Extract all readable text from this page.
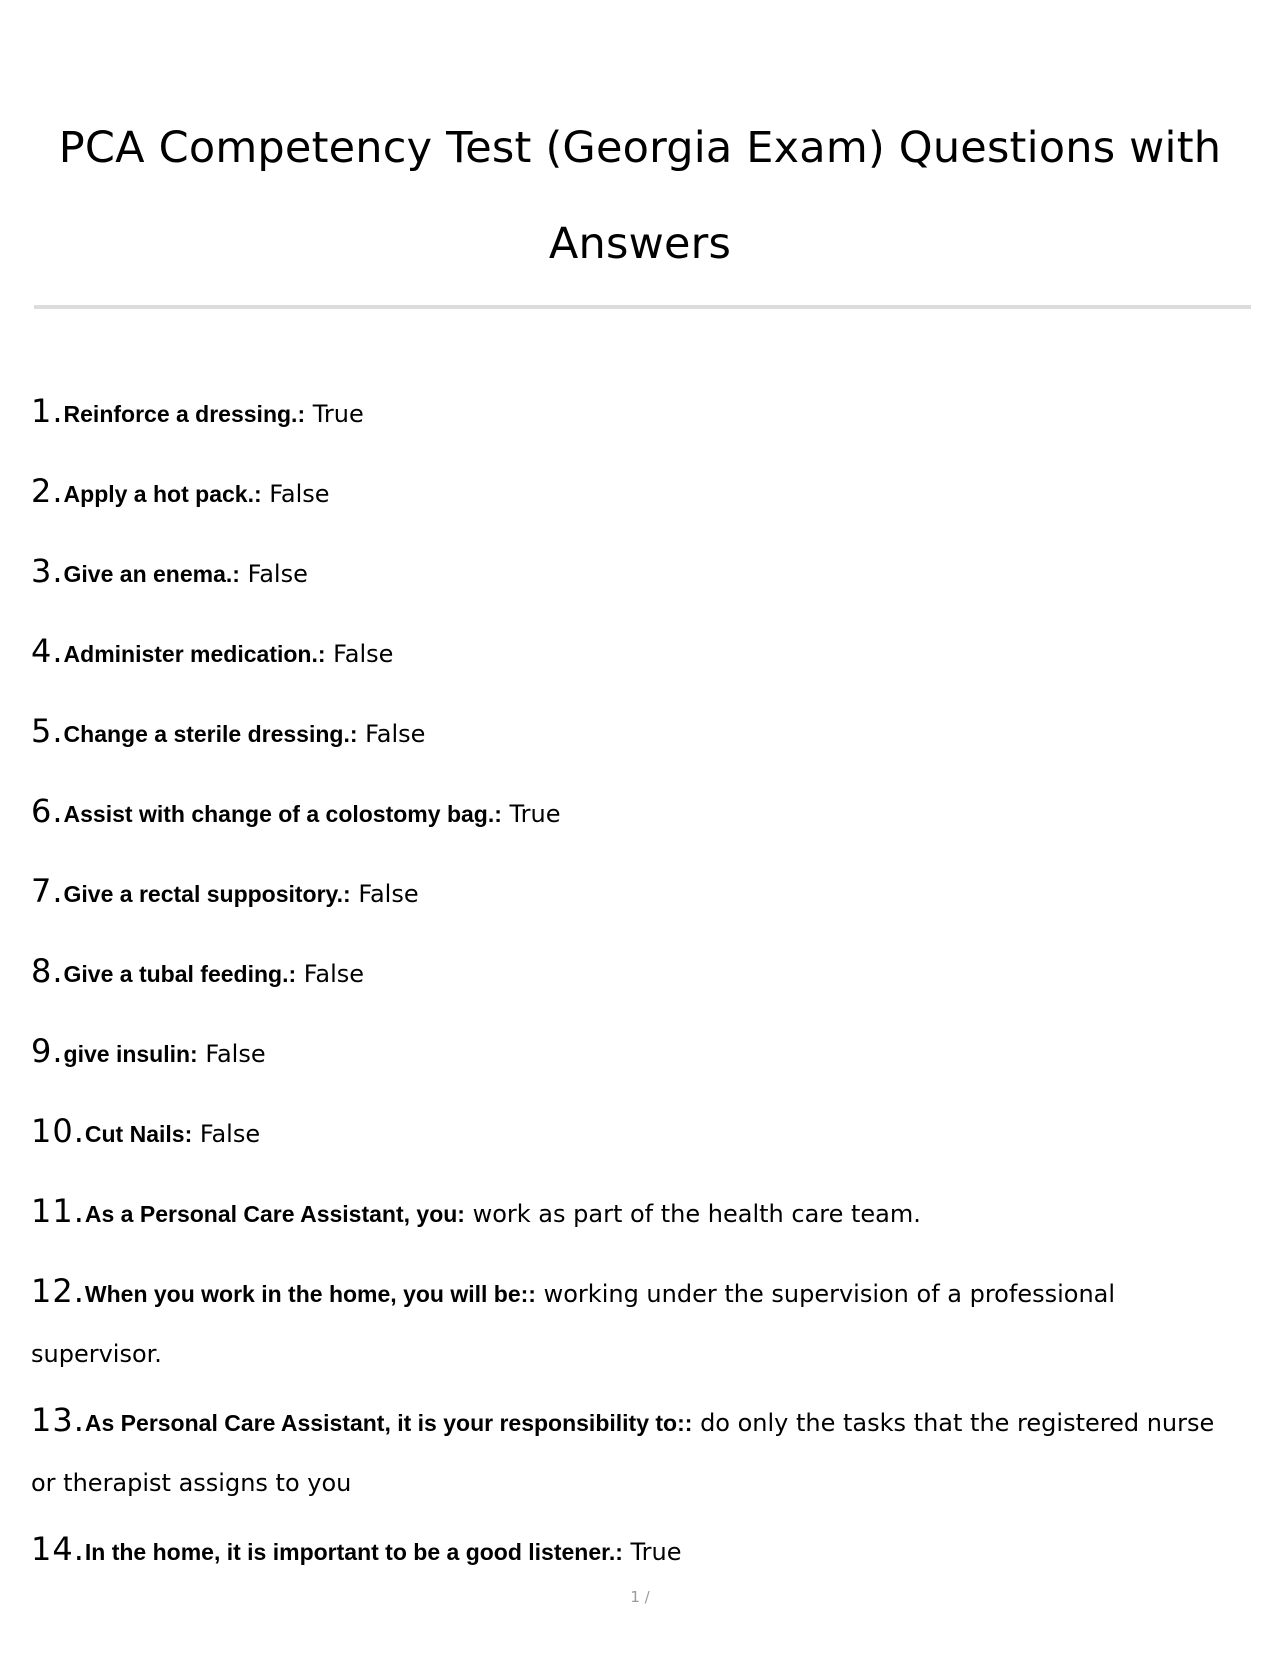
PCA Competency Test (Georgia Exam) Questions with Answers
1.Reinforce a dressing.: True
2.Apply a hot pack.: False
3.Give an enema.: False
4.Administer medication.: False
5.Change a sterile dressing.: False
6.Assist with change of a colostomy bag.: True
7.Give a rectal suppository.: False
8.Give a tubal feeding.: False
9.give insulin: False
10.Cut Nails: False
11.As a Personal Care Assistant, you: work as part of the health care team.
12.When you work in the home, you will be:: working under the supervision of a professional supervisor.
13.As Personal Care Assistant, it is your responsibility to:: do only the tasks that the registered nurse or therapist assigns to you
14.In the home, it is important to be a good listener.: True
1 /
